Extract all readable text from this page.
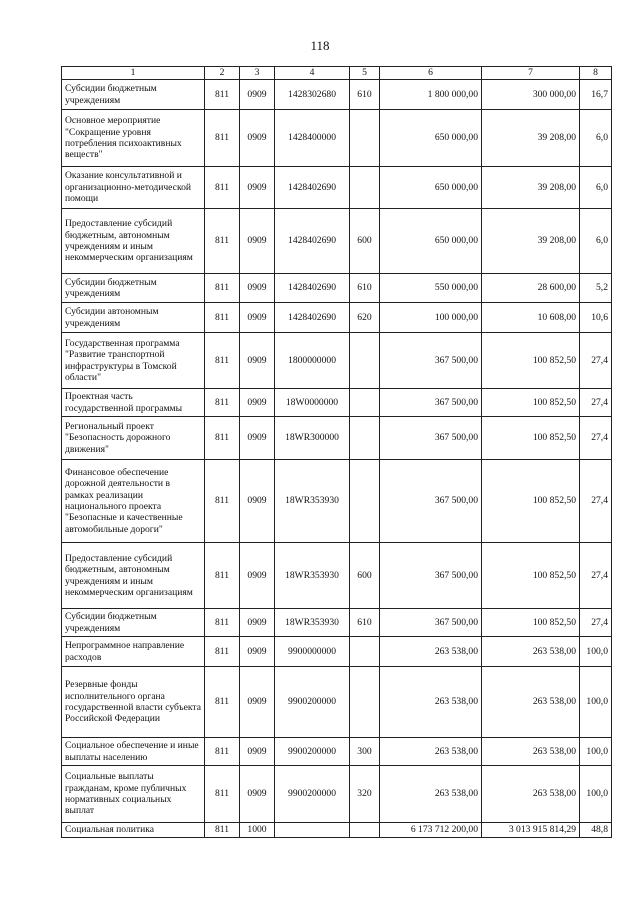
118
1	2	3	4	5	6	7	8
Субсидии бюджетным учреждениям	811	0909	1428302680	610	1 800 000,00	300 000,00	16,7
Основное мероприятие "Сокращение уровня потребления психоактивных веществ"	811	0909	1428400000		650 000,00	39 208,00	6,0
Оказание консультативной и организационно-методической помощи	811	0909	1428402690		650 000,00	39 208,00	6,0
Предоставление субсидий бюджетным, автономным учреждениям и иным некоммерческим организациям	811	0909	1428402690	600	650 000,00	39 208,00	6,0
Субсидии бюджетным учреждениям	811	0909	1428402690	610	550 000,00	28 600,00	5,2
Субсидии автономным учреждениям	811	0909	1428402690	620	100 000,00	10 608,00	10,6
Государственная программа "Развитие транспортной инфраструктуры в Томской области"	811	0909	1800000000		367 500,00	100 852,50	27,4
Проектная часть государственной программы	811	0909	18W0000000		367 500,00	100 852,50	27,4
Региональный проект "Безопасность дорожного движения"	811	0909	18WR300000		367 500,00	100 852,50	27,4
Финансовое обеспечение дорожной деятельности в рамках реализации национального проекта "Безопасные и качественные автомобильные дороги"	811	0909	18WR353930		367 500,00	100 852,50	27,4
Предоставление субсидий бюджетным, автономным учреждениям и иным некоммерческим организациям	811	0909	18WR353930	600	367 500,00	100 852,50	27,4
Субсидии бюджетным учреждениям	811	0909	18WR353930	610	367 500,00	100 852,50	27,4
Непрограммное направление расходов	811	0909	9900000000		263 538,00	263 538,00	100,0
Резервные фонды исполнительного органа государственной власти субъекта Российской Федерации	811	0909	9900200000		263 538,00	263 538,00	100,0
Социальное обеспечение и иные выплаты населению	811	0909	9900200000	300	263 538,00	263 538,00	100,0
Социальные выплаты гражданам, кроме публичных нормативных социальных выплат	811	0909	9900200000	320	263 538,00	263 538,00	100,0
Социальная политика	811	1000			6 173 712 200,00	3 013 915 814,29	48,8
